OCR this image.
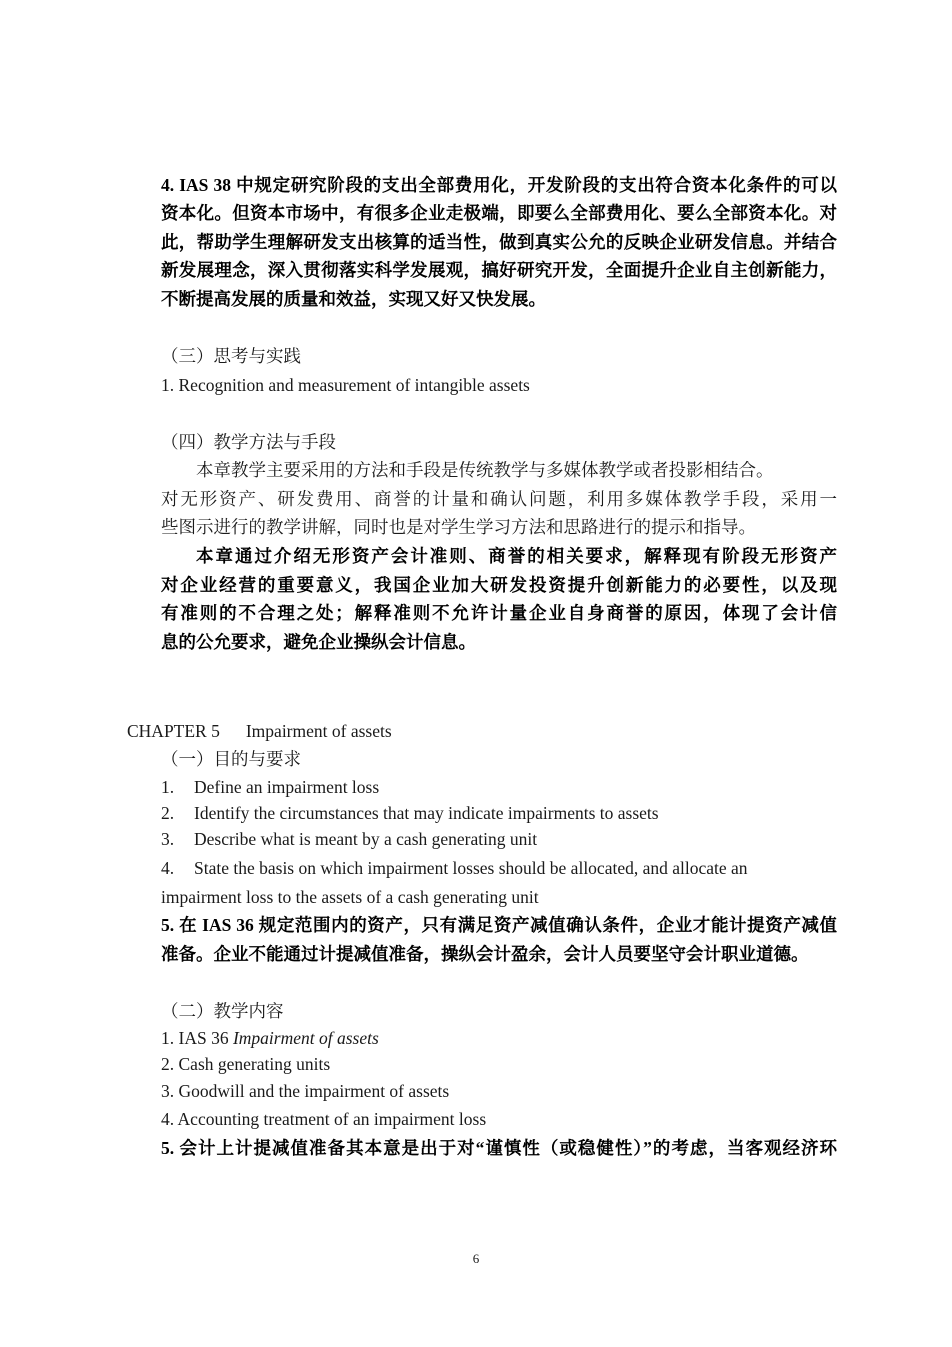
4. IAS 38 中规定研究阶段的支出全部费用化，开发阶段的支出符合资本化条件的可以
资本化。但资本市场中，有很多企业走极端，即要么全部费用化、要么全部资本化。对
此，帮助学生理解研发支出核算的适当性，做到真实公允的反映企业研发信息。并结合
新发展理念，深入贯彻落实科学发展观，搞好研究开发，全面提升企业自主创新能力，
不断提高发展的质量和效益，实现又好又快发展。
（三）思考与实践
1. Recognition and measurement of intangible assets
（四）教学方法与手段
本章教学主要采用的方法和手段是传统教学与多媒体教学或者投影相结合。
对无形资产、研发费用、商誉的计量和确认问题，利用多媒体教学手段，采用一
些图示进行的教学讲解，同时也是对学生学习方法和思路进行的提示和指导。
本章通过介绍无形资产会计准则、商誉的相关要求，解释现有阶段无形资产
对企业经营的重要意义，我国企业加大研发投资提升创新能力的必要性，以及现
有准则的不合理之处；解释准则不允许计量企业自身商誉的原因，体现了会计信
息的公允要求，避免企业操纵会计信息。
CHAPTER 5 Impairment of assets
（一）目的与要求
1. Define an impairment loss
2. Identify the circumstances that may indicate impairments to assets
3. Describe what is meant by a cash generating unit
4. State the basis on which impairment losses should be allocated, and allocate an
impairment loss to the assets of a cash generating unit
5. 在 IAS 36 规定范围内的资产，只有满足资产减值确认条件，企业才能计提资产减值
准备。企业不能通过计提减值准备，操纵会计盈余，会计人员要坚守会计职业道德。
（二）教学内容
1. IAS 36 Impairment of assets
2. Cash generating units
3. Goodwill and the impairment of assets
4. Accounting treatment of an impairment loss
5. 会计上计提减值准备其本意是出于对“谨慎性（或稳健性）”的考虑，当客观经济环
6
